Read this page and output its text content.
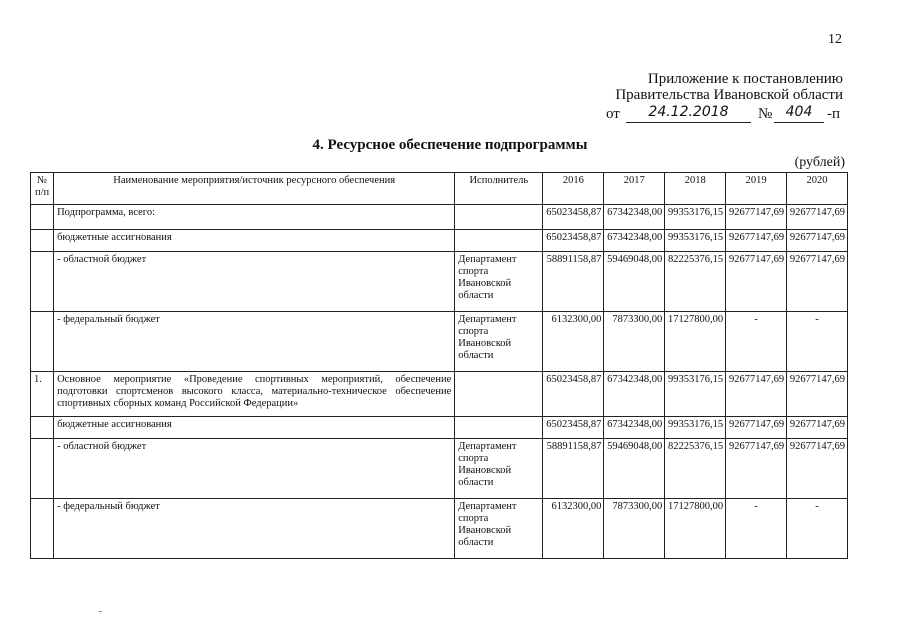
12
Приложение к постановлению
Правительства Ивановской области
от	24.12.2018	№ 404 -п
4. Ресурсное обеспечение подпрограммы
(рублей)
№ п/п	Наименование мероприятия/источник ресурсного обеспечения	Исполнитель	2016	2017	2018	2019	2020
	Подпрограмма, всего:		65023458,87	67342348,00	99353176,15	92677147,69	92677147,69
	бюджетные ассигнования		65023458,87	67342348,00	99353176,15	92677147,69	92677147,69
	- областной бюджет	Департамент спорта Ивановской области	58891158,87	59469048,00	82225376,15	92677147,69	92677147,69
	- федеральный бюджет	Департамент спорта Ивановской области	6132300,00	7873300,00	17127800,00	-	-
1.	Основное мероприятие «Проведение спортивных мероприятий, обеспечение подготовки спортсменов высокого класса, материально-техническое обеспечение спортивных сборных команд Российской Федерации»		65023458,87	67342348,00	99353176,15	92677147,69	92677147,69
	бюджетные ассигнования		65023458,87	67342348,00	99353176,15	92677147,69	92677147,69
	- областной бюджет	Департамент спорта Ивановской области	58891158,87	59469048,00	82225376,15	92677147,69	92677147,69
	- федеральный бюджет	Департамент спорта Ивановской области	6132300,00	7873300,00	17127800,00	-	-
